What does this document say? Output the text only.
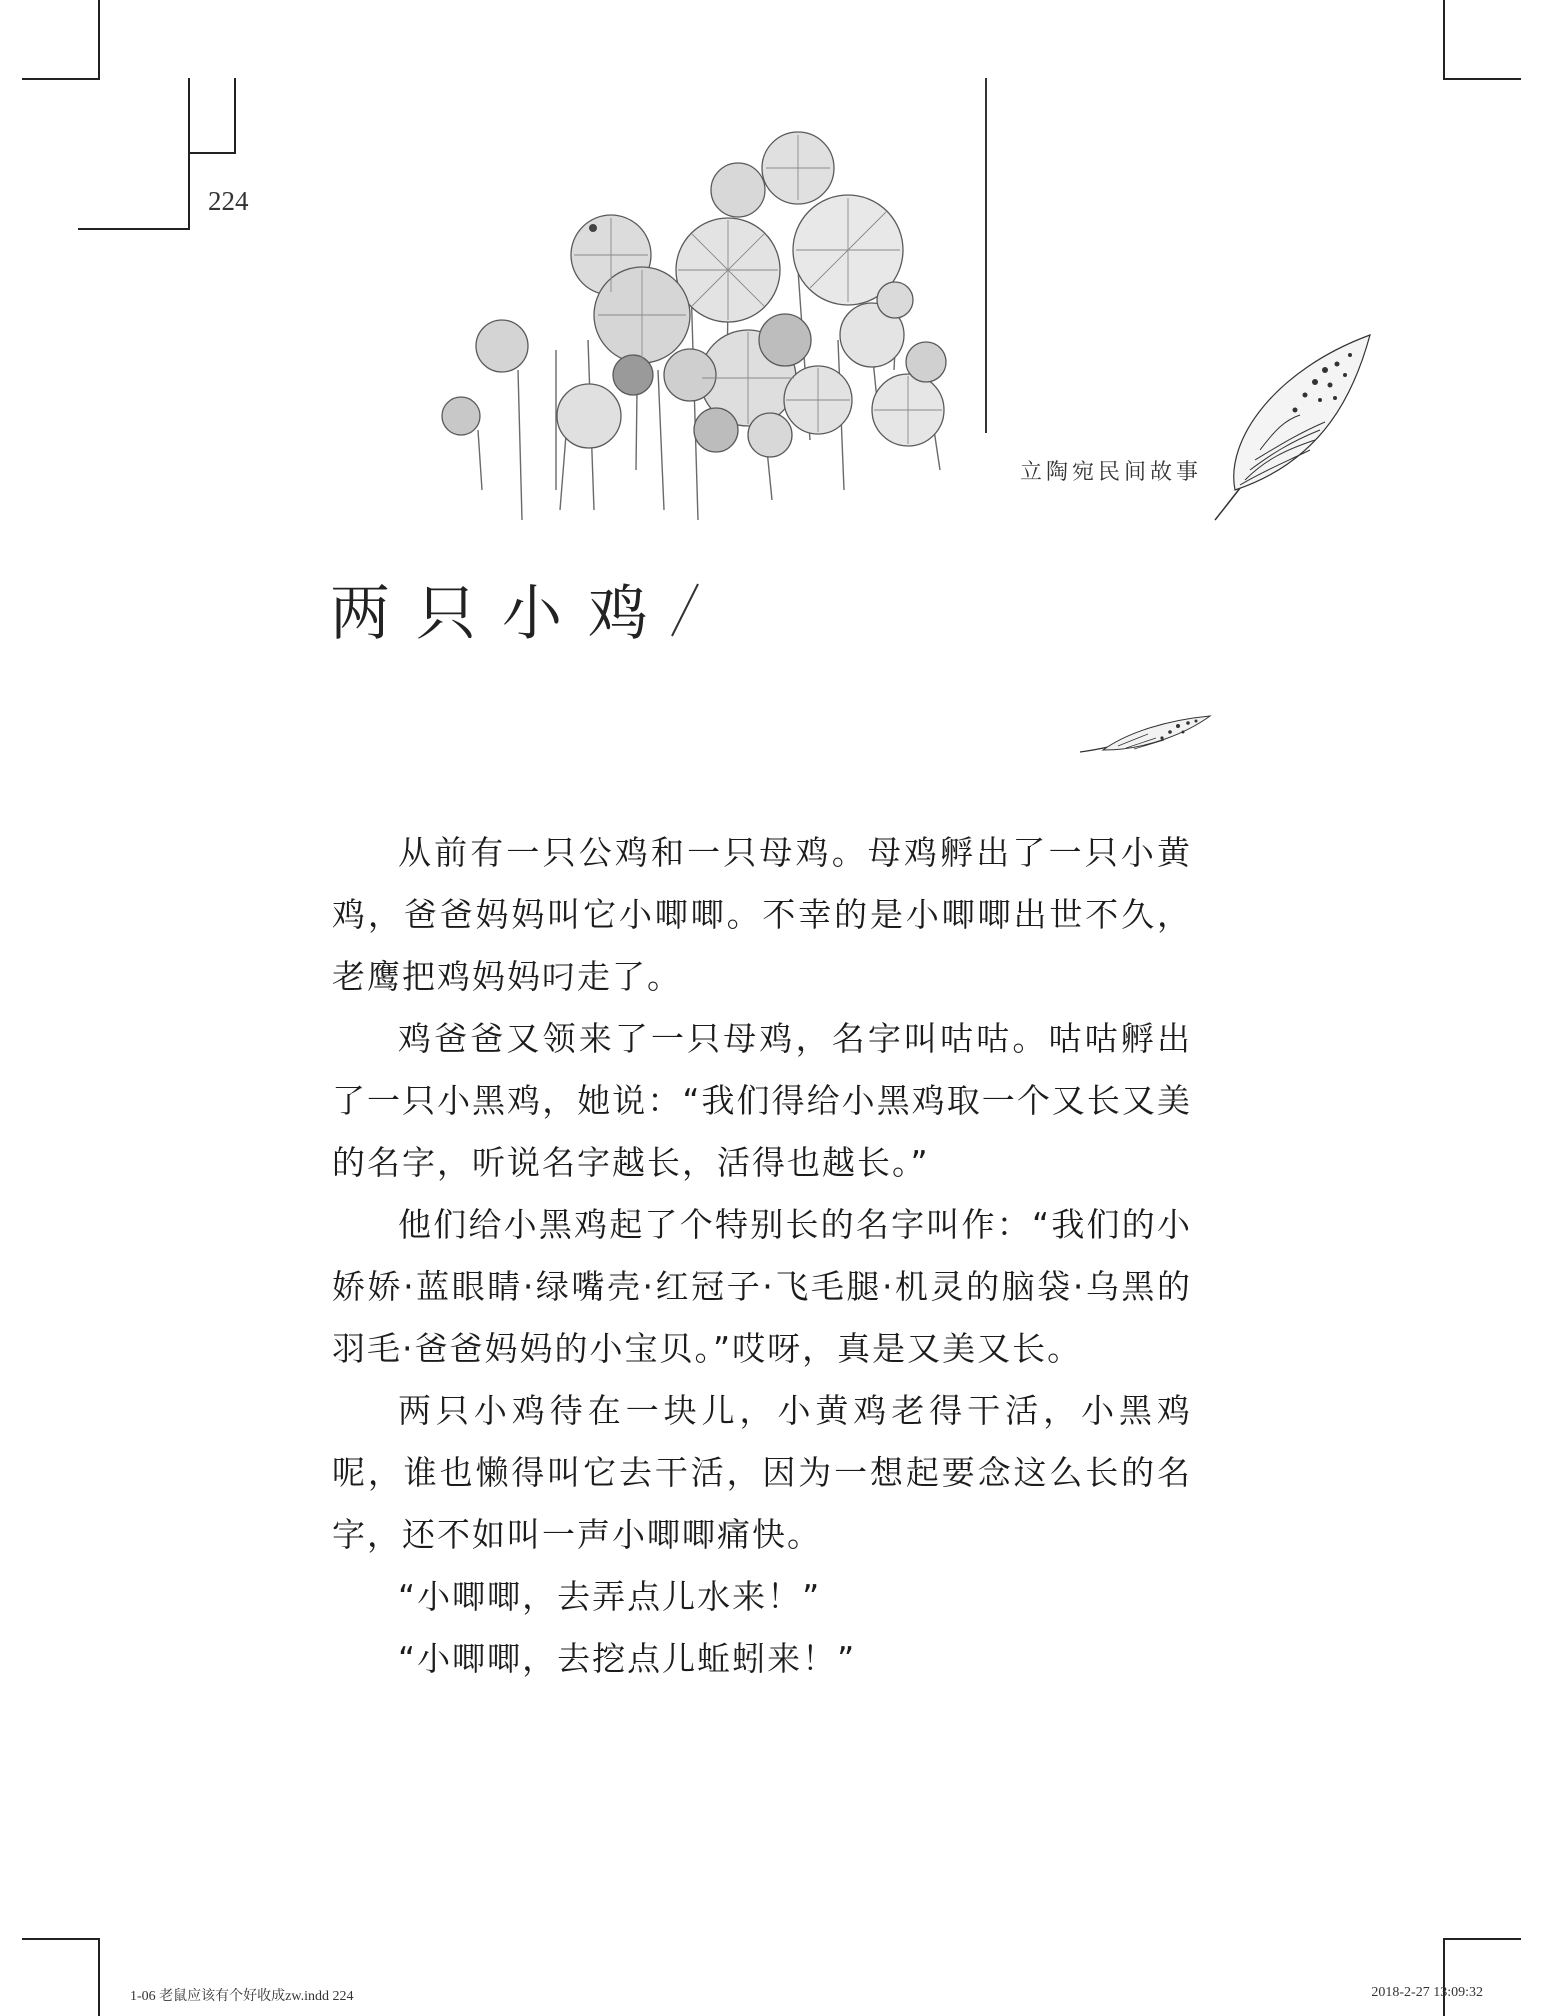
224
立陶宛民间故事
两只小鸡

从前有一只公鸡和一只母鸡。母鸡孵出了一只小黄鸡，爸爸妈妈叫它小唧唧。不幸的是小唧唧出世不久，老鹰把鸡妈妈叼走了。

鸡爸爸又领来了一只母鸡，名字叫咕咕。咕咕孵出了一只小黑鸡，她说：“我们得给小黑鸡取一个又长又美的名字，听说名字越长，活得也越长。”

他们给小黑鸡起了个特别长的名字叫作：“我们的小娇娇·蓝眼睛·绿嘴壳·红冠子·飞毛腿·机灵的脑袋·乌黑的羽毛·爸爸妈妈的小宝贝。”哎呀，真是又美又长。

两只小鸡待在一块儿，小黄鸡老得干活，小黑鸡呢，谁也懒得叫它去干活，因为一想起要念这么长的名字，还不如叫一声小唧唧痛快。

“小唧唧，去弄点儿水来！”

“小唧唧，去挖点儿蚯蚓来！”

1-06 老鼠应该有个好收成zw.indd 224	2018-2-27 13:09:32
